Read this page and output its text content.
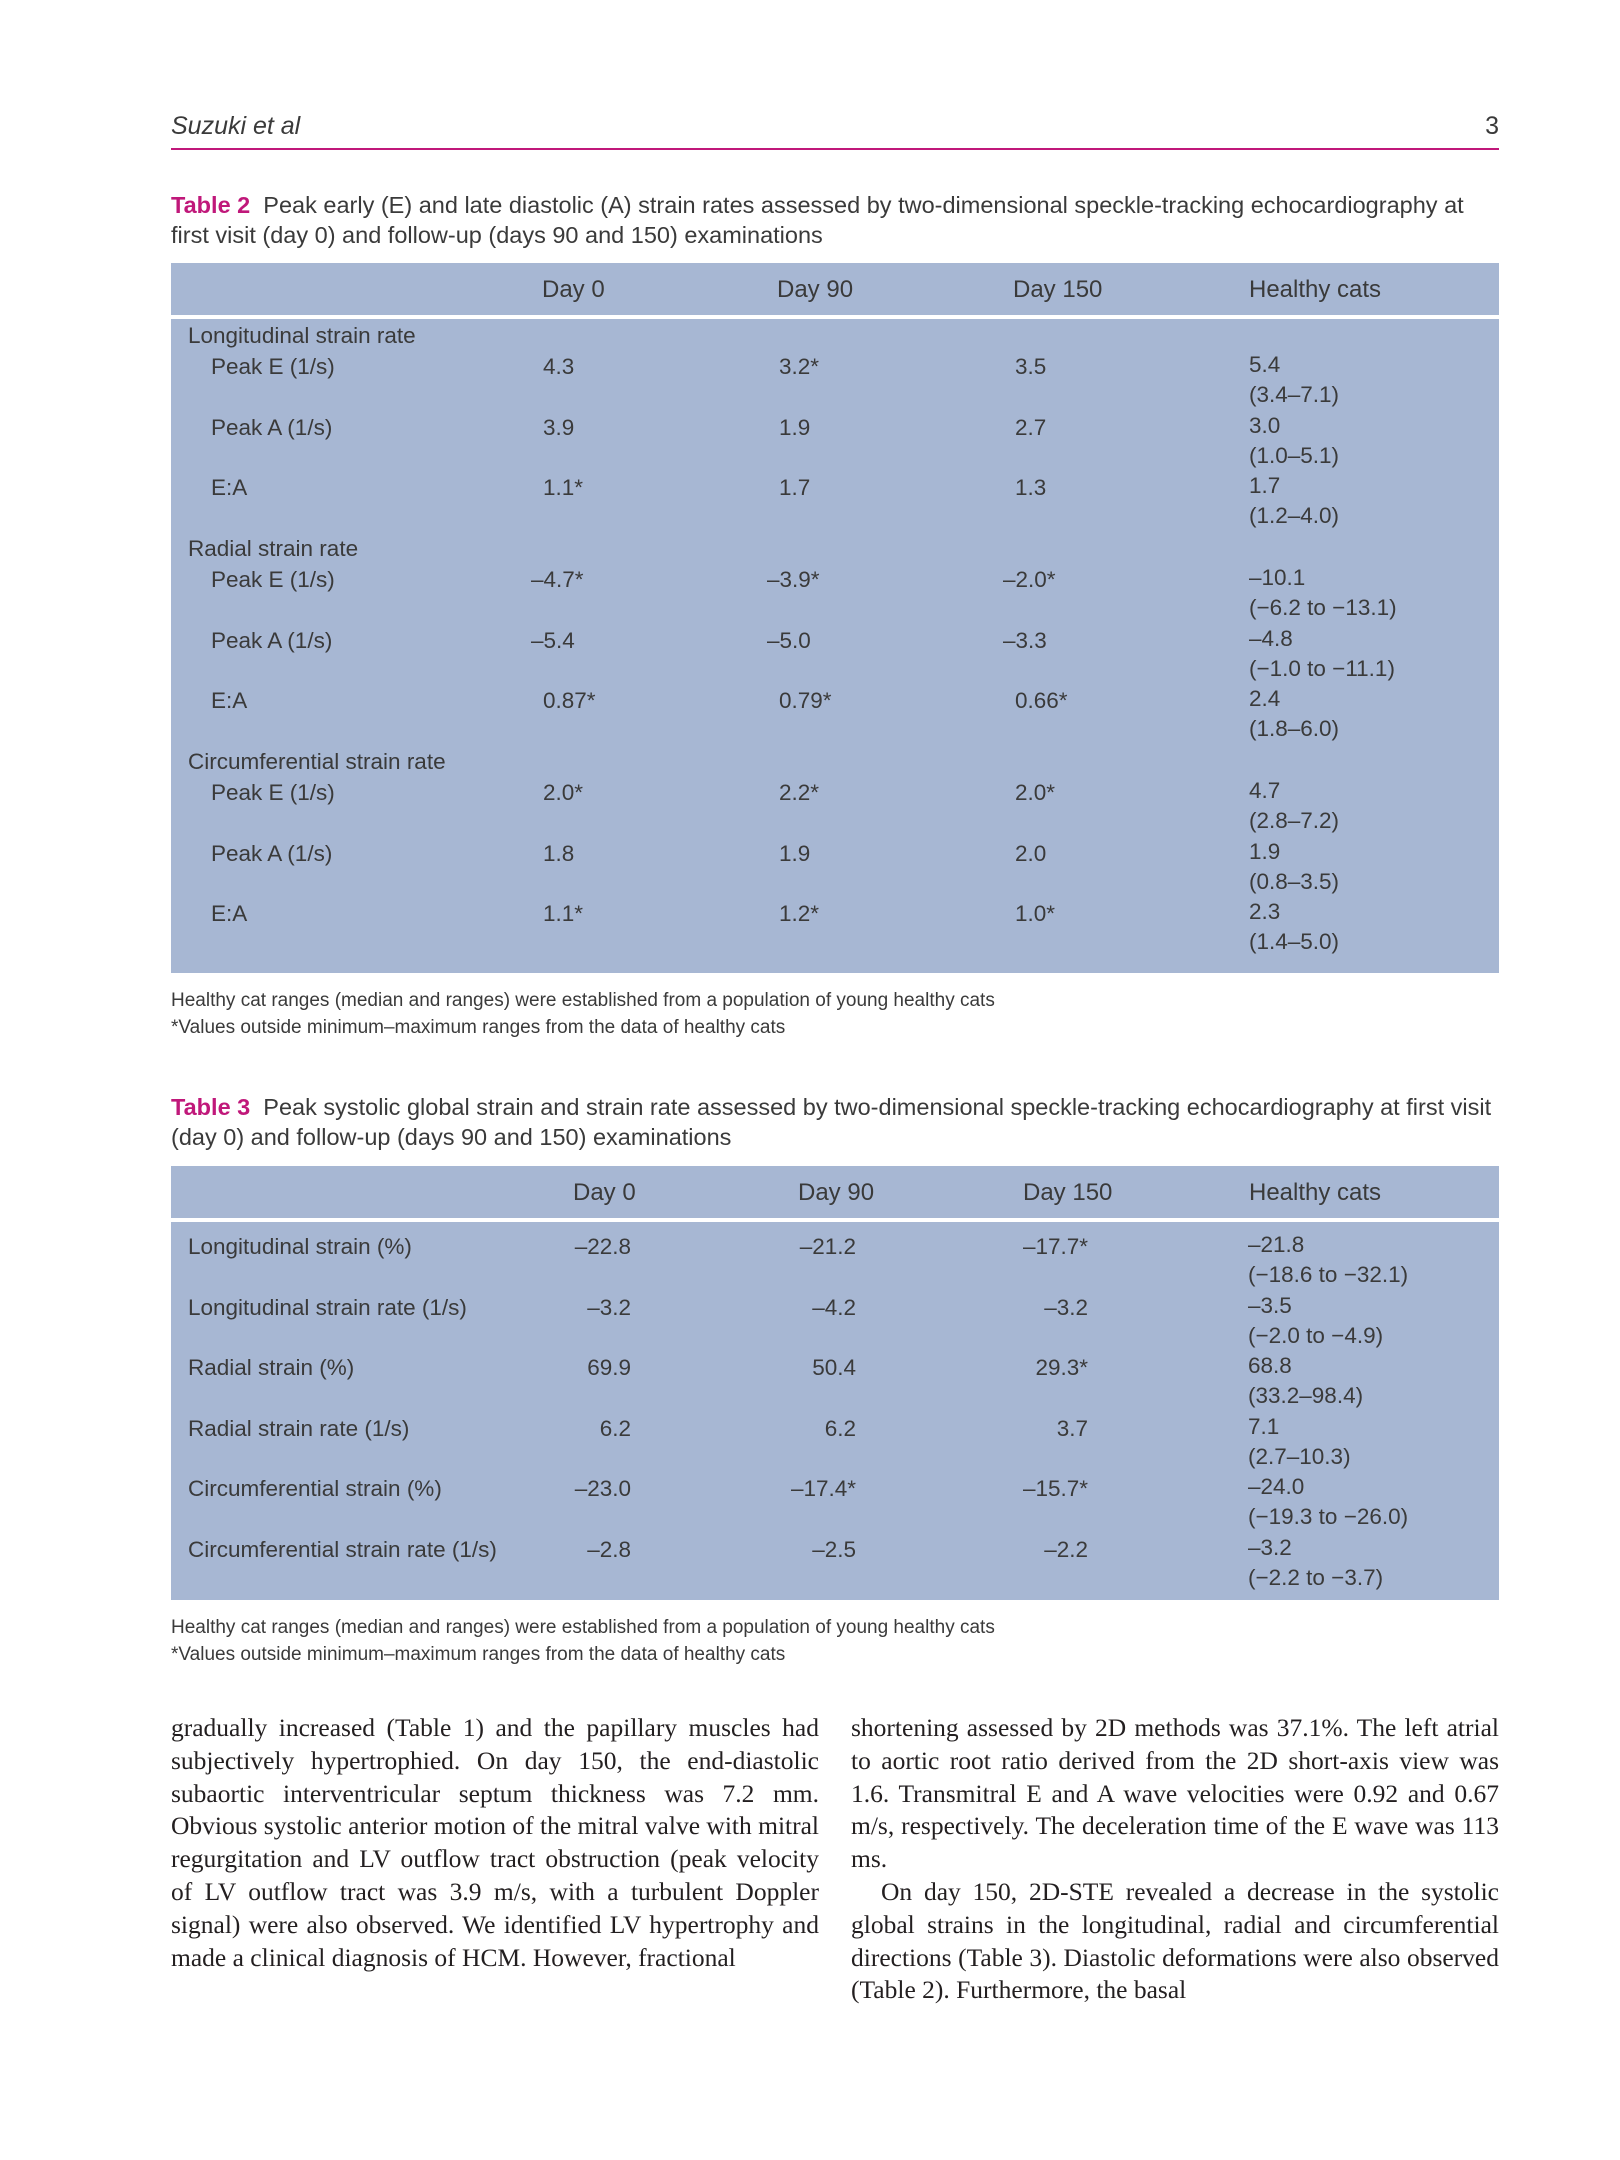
Suzuki et al	3
Table 2 Peak early (E) and late diastolic (A) strain rates assessed by two-dimensional speckle-tracking echocardiography at first visit (day 0) and follow-up (days 90 and 150) examinations
Day 0	Day 90	Day 150	Healthy cats
Longitudinal strain rate
Peak E (1/s)	4.3	3.2*	3.5	5.4
(3.4–7.1)
Peak A (1/s)	3.9	1.9	2.7	3.0
(1.0–5.1)
E:A	1.1*	1.7	1.3	1.7
(1.2–4.0)
Radial strain rate
Peak E (1/s)	–4.7*	–3.9*	–2.0*	–10.1
(−6.2 to −13.1)
Peak A (1/s)	–5.4	–5.0	–3.3	–4.8
(−1.0 to −11.1)
E:A	0.87*	0.79*	0.66*	2.4
(1.8–6.0)
Circumferential strain rate
Peak E (1/s)	2.0*	2.2*	2.0*	4.7
(2.8–7.2)
Peak A (1/s)	1.8	1.9	2.0	1.9
(0.8–3.5)
E:A	1.1*	1.2*	1.0*	2.3
(1.4–5.0)
Healthy cat ranges (median and ranges) were established from a population of young healthy cats
*Values outside minimum–maximum ranges from the data of healthy cats
Table 3 Peak systolic global strain and strain rate assessed by two-dimensional speckle-tracking echocardiography at first visit (day 0) and follow-up (days 90 and 150) examinations
Day 0	Day 90	Day 150	Healthy cats
Longitudinal strain (%)	–22.8	–21.2	–17.7*	–21.8
(−18.6 to −32.1)
Longitudinal strain rate (1/s)	–3.2	–4.2	–3.2	–3.5
(−2.0 to −4.9)
Radial strain (%)	69.9	50.4	29.3*	68.8
(33.2–98.4)
Radial strain rate (1/s)	6.2	6.2	3.7	7.1
(2.7–10.3)
Circumferential strain (%)	–23.0	–17.4*	–15.7*	–24.0
(−19.3 to −26.0)
Circumferential strain rate (1/s)	–2.8	–2.5	–2.2	–3.2
(−2.2 to −3.7)
Healthy cat ranges (median and ranges) were established from a population of young healthy cats
*Values outside minimum–maximum ranges from the data of healthy cats

gradually increased (Table 1) and the papillary muscles had subjectively hypertrophied. On day 150, the end-diastolic subaortic interventricular septum thickness was 7.2 mm. Obvious systolic anterior motion of the mitral valve with mitral regurgitation and LV outflow tract obstruction (peak velocity of LV outflow tract was 3.9 m/s, with a turbulent Doppler signal) were also observed. We identified LV hypertrophy and made a clinical diagnosis of HCM. However, fractional

shortening assessed by 2D methods was 37.1%. The left atrial to aortic root ratio derived from the 2D short-axis view was 1.6. Transmitral E and A wave velocities were 0.92 and 0.67 m/s, respectively. The deceleration time of the E wave was 113 ms.

On day 150, 2D-STE revealed a decrease in the systolic global strains in the longitudinal, radial and circumferential directions (Table 3). Diastolic deformations were also observed (Table 2). Furthermore, the basal
